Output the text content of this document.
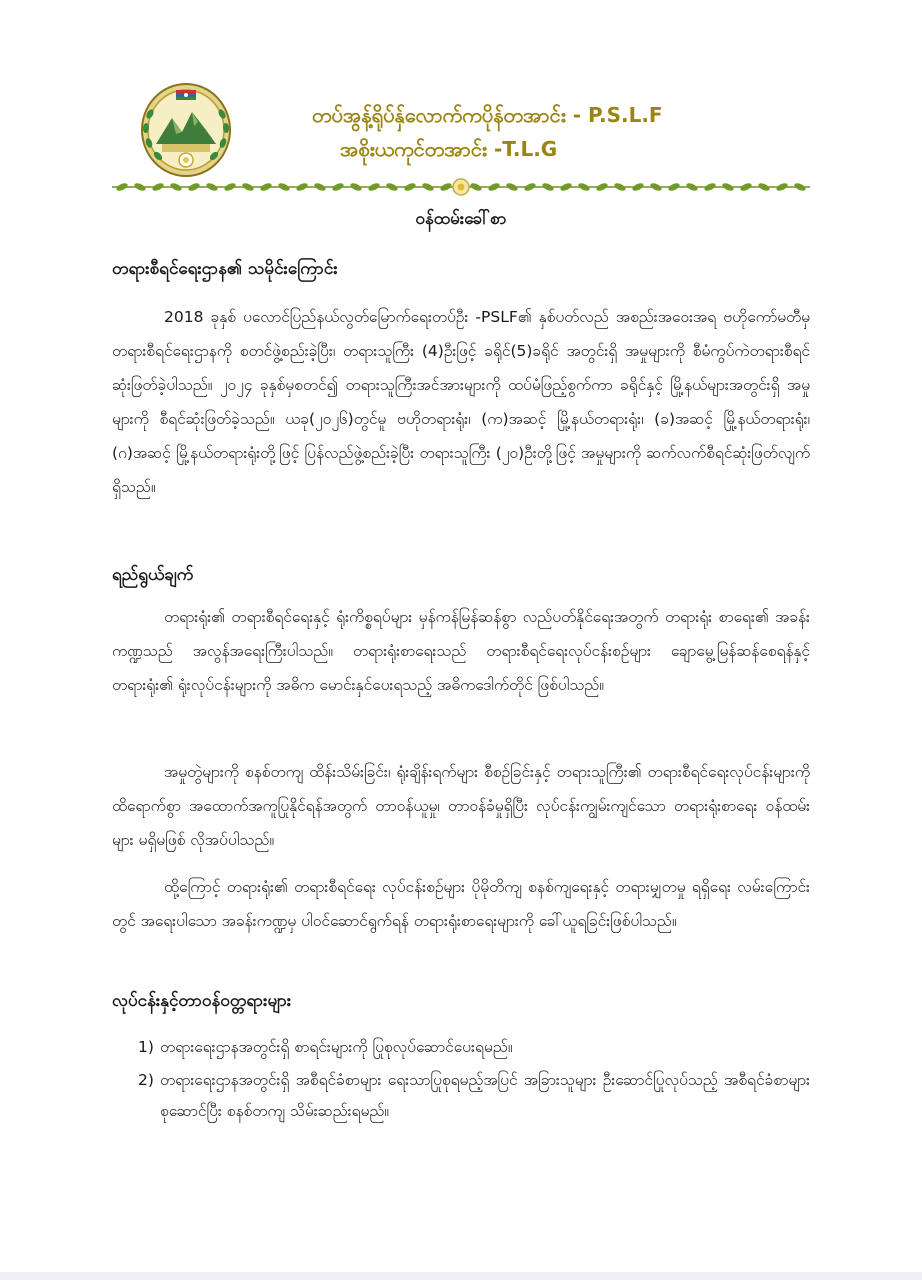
တပ်အွန့်ရိုပ်နှ်လောက်ကပိုန်တအာင်း - P.S.L.F
အစိုးယကုင်တအာင်း -T.L.G
ဝန်ထမ်းခေါ်စာ
တရားစီရင်ရေးဌာန၏ သမိုင်းကြောင်း

2018 ခုနှစ် ပလောင်ပြည်နယ်လွတ်မြောက်ရေးတပ်ဦး -PSLF၏ နှစ်ပတ်လည် အစည်းအဝေးအရ ဗဟိုကော်မတီမှ တရားစီရင်ရေးဌာနကို စတင်ဖွဲ့စည်းခဲ့ပြီး၊ တရားသူကြီး (4)ဦးဖြင့် ခရိုင်(5)ခရိုင် အတွင်းရှိ အမှုများကို စီမံကွပ်ကဲတရားစီရင်ဆုံးဖြတ်ခဲ့ပါသည်။ ၂၀၂၄ ခုနှစ်မှစတင်၍ တရားသူကြီးအင်အားများကို ထပ်မံဖြည့်စွက်ကာ ခရိုင်နှင့် မြို့နယ်များအတွင်းရှိ အမှုများကို စီရင်ဆုံးဖြတ်ခဲ့သည်။ ယခု(၂၀၂၆)တွင်မူ ဗဟိုတရားရုံး၊ (က)အဆင့် မြို့နယ်တရားရုံး၊ (ခ)အဆင့် မြို့နယ်တရားရုံး၊ (ဂ)အဆင့် မြို့နယ်တရားရုံးတို့ဖြင့် ပြန်လည်ဖွဲ့စည်းခဲ့ပြီး တရားသူကြီး (၂၀)ဦးတို့ဖြင့် အမှုများကို ဆက်လက်စီရင်ဆုံးဖြတ်လျက်ရှိသည်။

ရည်ရွယ်ချက်

တရားရုံး၏ တရားစီရင်ရေးနှင့် ရုံးကိစ္စရပ်များ မှန်ကန်မြန်ဆန်စွာ လည်ပတ်နိုင်ရေးအတွက် တရားရုံး စာရေး၏ အခန်းကဏ္ဍသည် အလွန်အရေးကြီးပါသည်။ တရားရုံးစာရေးသည် တရားစီရင်ရေးလုပ်ငန်းစဉ်များ ချောမွေ့မြန်ဆန်စေရန်နှင့် တရားရုံး၏ ရုံးလုပ်ငန်းများကို အဓိက မောင်းနှင်ပေးရသည့် အဓိကဒေါက်တိုင် ဖြစ်ပါသည်။

အမှုတွဲများကို စနစ်တကျ ထိန်းသိမ်းခြင်း၊ ရုံးချိန်းရက်များ စီစဉ်ခြင်းနှင့် တရားသူကြီး၏ တရားစီရင်ရေးလုပ်ငန်းများကို ထိရောက်စွာ အထောက်အကူပြုနိုင်ရန်အတွက် တာဝန်ယူမှု၊ တာဝန်ခံမှုရှိပြီး လုပ်ငန်းကျွမ်းကျင်သော တရားရုံးစာရေး ဝန်ထမ်းများ မရှိမဖြစ် လိုအပ်ပါသည်။

ထို့ကြောင့် တရားရုံး၏ တရားစီရင်ရေး လုပ်ငန်းစဉ်များ ပိုမိုတိကျ စနစ်ကျရေးနှင့် တရားမျှတမှု ရရှိရေး လမ်းကြောင်းတွင် အရေးပါသော အခန်းကဏ္ဍမှ ပါဝင်ဆောင်ရွက်ရန် တရားရုံးစာရေးများကို ခေါ်ယူရခြင်းဖြစ်ပါသည်။

လုပ်ငန်းနှင့်တာဝန်ဝတ္တရားများ
1) တရားရေးဌာနအတွင်းရှိ စာရင်းများကို ပြုစုလုပ်ဆောင်ပေးရမည်။
2) တရားရေးဌာနအတွင်းရှိ အစီရင်ခံစာများ ရေးသာပြုစုရမည့်အပြင် အခြားသူများ ဦးဆောင်ပြုလုပ်သည့် အစီရင်ခံစာများစုဆောင်ပြီး စနစ်တကျ သိမ်းဆည်းရမည်။
